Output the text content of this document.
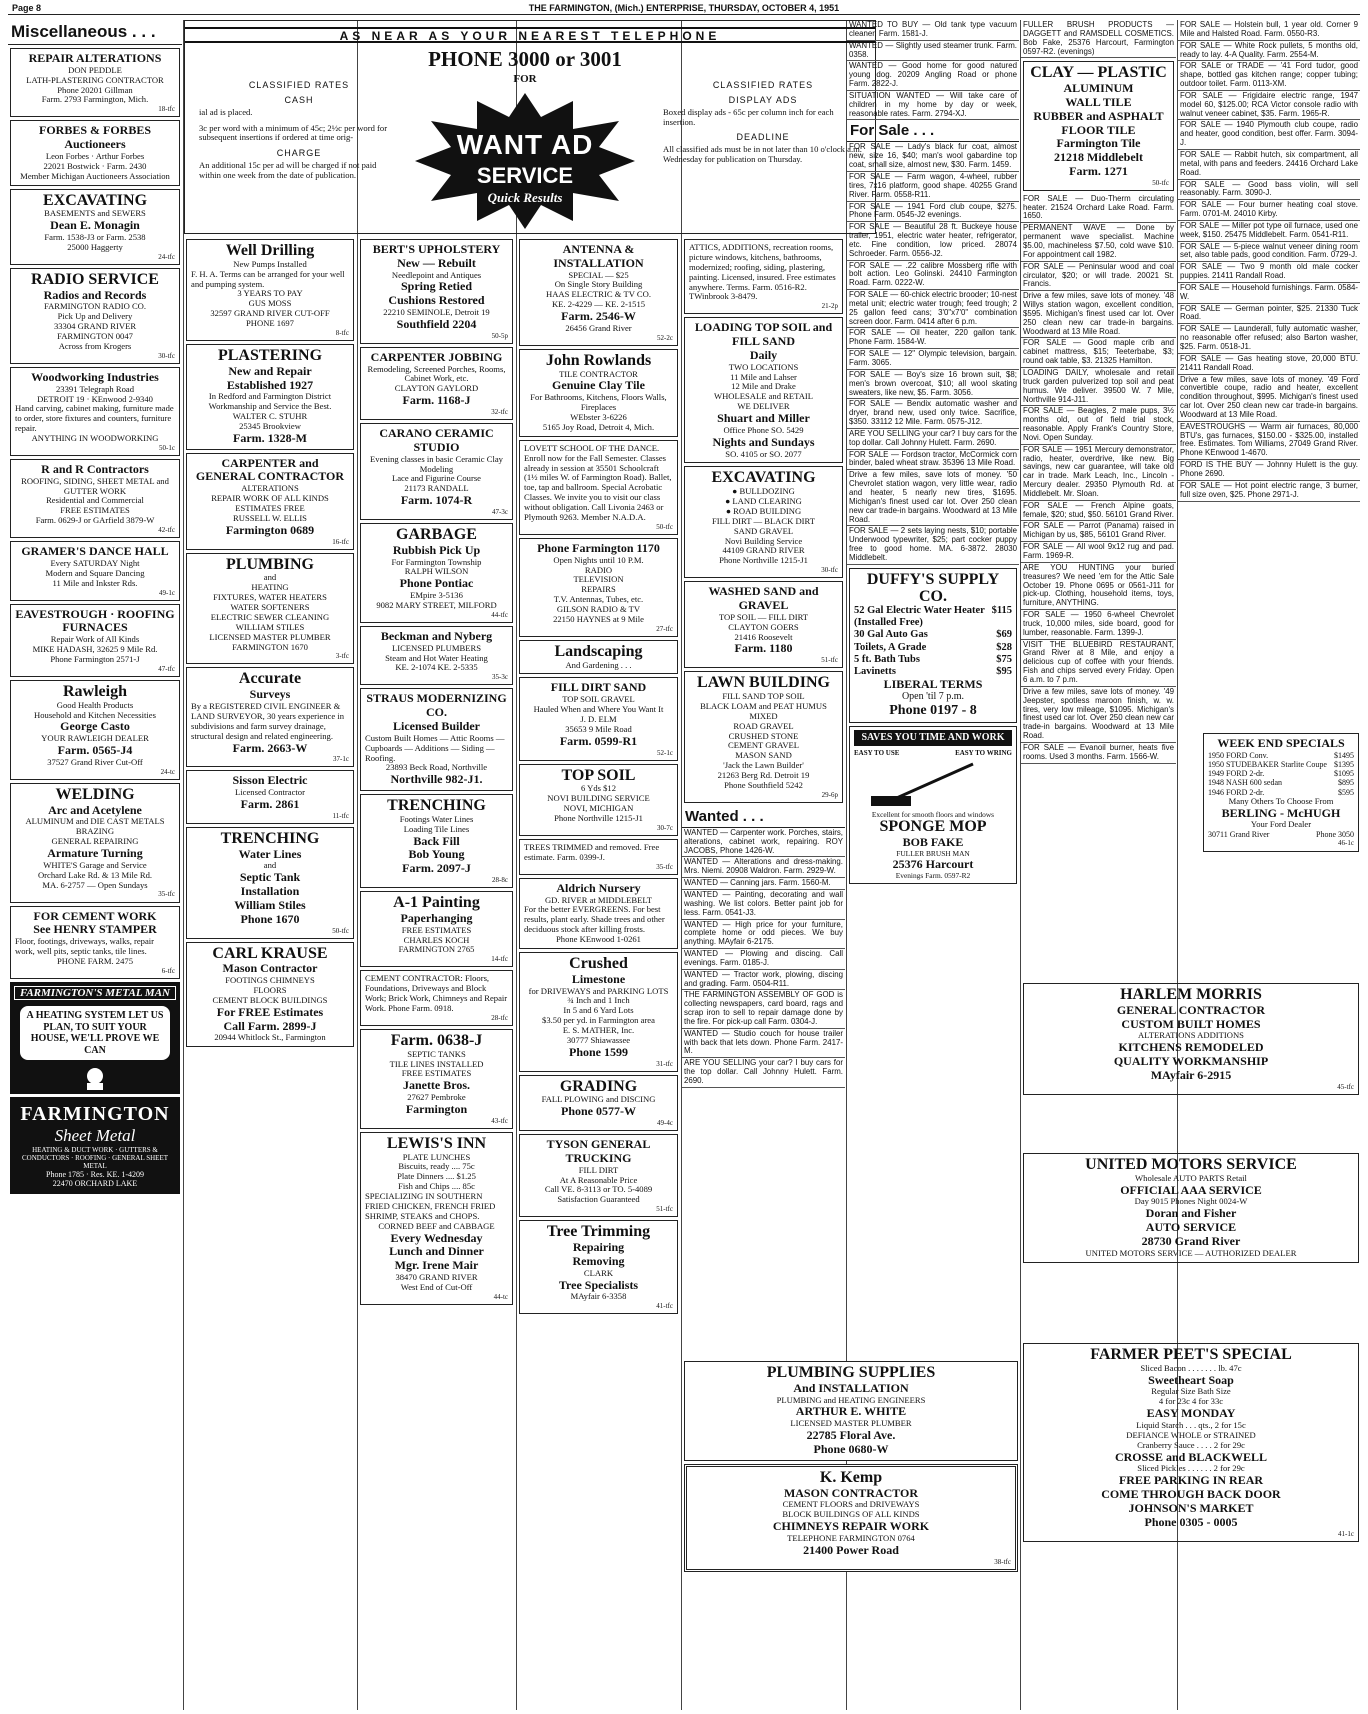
Page 8	THE FARMINGTON, (Mich.) ENTERPRISE, THURSDAY, OCTOBER 4, 1951
AS NEAR AS YOUR NEAREST TELEPHONE
PHONE 3000 or 3001
FOR
CLASSIFIED RATES
CASH
ial ad is placed.
3c per word with a minimum of 45c; 2½c per word for subsequent insertions if ordered at time orig-
CHARGE
An additional 15c per ad will be charged if not paid within one week from the date of publication.
WANT AD
SERVICE
Quick Results
CLASSIFIED RATES
DISPLAY ADS
Boxed display ads - 65c per column inch for each insertion.
DEADLINE
All classified ads must be in not later than 10 o'clock a.m. Wednesday for publication on Thursday.
Miscellaneous . . .
REPAIR ALTERATIONS
DON PEDDLE
LATH-PLASTERING CONTRACTOR
Phone 20201 Gillman
Farm. 2793 Farmington, Mich.
18-tfc
FORBES & FORBES
Auctioneers
Leon Forbes · Arthur Forbes
22021 Bostwick · Farm. 2430
Member Michigan Auctioneers Association
EXCAVATING
BASEMENTS and SEWERS
Dean E. Monagin
Farm. 1538-J3 or Farm. 2538
25000 Haggerty
24-tfc
RADIO SERVICE
Radios and Records
FARMINGTON RADIO CO.
Pick Up and Delivery
33304 GRAND RIVER
FARMINGTON 0047
Across from Krogers
30-tfc
Woodworking Industries
23391 Telegraph Road
DETROIT 19 · KEnwood 2-9340
Hand carving, cabinet making, furniture made to order, store fixtures and counters, furniture repair.
ANYTHING IN WOODWORKING
50-1c
R and R Contractors
ROOFING, SIDING, SHEET METAL and GUTTER WORK
Residential and Commercial
FREE ESTIMATES
Farm. 0629-J or GArfield 3879-W
42-tfc
GRAMER'S DANCE HALL
Every SATURDAY Night
Modern and Square Dancing
11 Mile and Inkster Rds.
49-1c
EAVESTROUGH · ROOFING FURNACES
Repair Work of All Kinds
MIKE HADASH, 32625 9 Mile Rd.
Phone Farmington 2571-J
47-tfc
Rawleigh
Good Health Products
Household and Kitchen Necessities
George Casto
YOUR RAWLEIGH DEALER
Farm. 0565-J4
37527 Grand River Cut-Off
24-tc
WELDING
Arc and Acetylene
ALUMINUM and DIE CAST METALS
BRAZING
GENERAL REPAIRING
Armature Turning
WHITE'S Garage and Service
Orchard Lake Rd. & 13 Mile Rd.
MA. 6-2757 — Open Sundays
35-tfc
FOR CEMENT WORK
See HENRY STAMPER
Floor, footings, driveways, walks, repair work, well pits, septic tanks, tile lines.
PHONE FARM. 2475
6-tfc
FARMINGTON'S METAL MAN
A HEATING SYSTEM LET US PLAN, TO SUIT YOUR HOUSE, WE'LL PROVE WE CAN
FARMINGTON
Sheet Metal
HEATING & DUCT WORK · GUTTERS & CONDUCTORS · ROOFING · GENERAL SHEET METAL
Phone 1785 · Res. KE. 1-4209
22470 ORCHARD LAKE
Well Drilling
New Pumps Installed
F. H. A. Terms can be arranged for your well and pumping system.
3 YEARS TO PAY
GUS MOSS
32597 GRAND RIVER CUT-OFF
PHONE 1697
8-tfc
PLASTERING
New and Repair
Established 1927
In Redford and Farmington District
Workmanship and Service the Best.
WALTER C. STUHR
25345 Brookview
Farm. 1328-M
CARPENTER and GENERAL CONTRACTOR
ALTERATIONS
REPAIR WORK OF ALL KINDS
ESTIMATES FREE
RUSSELL W. ELLIS
Farmington 0689
16-tfc
PLUMBING
and
HEATING
FIXTURES, WATER HEATERS
WATER SOFTENERS
ELECTRIC SEWER CLEANING
WILLIAM STILES
LICENSED MASTER PLUMBER
FARMINGTON 1670
3-tfc
Accurate
Surveys
By a REGISTERED CIVIL ENGINEER & LAND SURVEYOR, 30 years experience in subdivisions and farm survey drainage, structural design and related engineering.
Farm. 2663-W
37-1c
Sisson Electric
Licensed Contractor
Farm. 2861
11-tfc
TRENCHING
Water Lines
and
Septic Tank
Installation
William Stiles
Phone 1670
50-tfc
CARL KRAUSE
Mason Contractor
FOOTINGS CHIMNEYS
FLOORS
CEMENT BLOCK BUILDINGS
For FREE Estimates
Call Farm. 2899-J
20944 Whitlock St., Farmington
BERT'S UPHOLSTERY
New — Rebuilt
Needlepoint and Antiques
Spring Retied
Cushions Restored
22210 SEMINOLE, Detroit 19
Southfield 2204
50-5p
CARPENTER JOBBING
Remodeling, Screened Porches, Rooms, Cabinet Work, etc.
CLAYTON GAYLORD
Farm. 1168-J
32-tfc
CARANO CERAMIC STUDIO
Evening classes in basic Ceramic Clay Modeling
Lace and Figurine Course
21173 RANDALL
Farm. 1074-R
47-3c
GARBAGE
Rubbish Pick Up
For Farmington Township
RALPH WILSON
Phone Pontiac
EMpire 3-5136
9082 MARY STREET, MILFORD
44-tfc
Beckman and Nyberg
LICENSED PLUMBERS
Steam and Hot Water Heating
KE. 2-1074 KE. 2-5335
35-3c
STRAUS MODERNIZING CO.
Licensed Builder
Custom Built Homes — Attic Rooms — Cupboards — Additions — Siding — Roofing.
23893 Beck Road, Northville
Northville 982-J1.
TRENCHING
Footings Water Lines
Loading Tile Lines
Back Fill
Bob Young
Farm. 2097-J
28-8c
A-1 Painting
Paperhanging
FREE ESTIMATES
CHARLES KOCH
FARMINGTON 2765
14-tfc
CEMENT CONTRACTOR: Floors, Foundations, Driveways and Block Work; Brick Work, Chimneys and Repair Work. Phone Farm. 0918.
28-tfc
Farm. 0638-J
SEPTIC TANKS
TILE LINES INSTALLED
FREE ESTIMATES
Janette Bros.
27627 Pembroke
Farmington
43-tfc
LEWIS'S INN
PLATE LUNCHES
Biscuits, ready .... 75c
Plate Dinners .... $1.25
Fish and Chips .... 85c
SPECIALIZING IN SOUTHERN FRIED CHICKEN, FRENCH FRIED SHRIMP, STEAKS and CHOPS.
CORNED BEEF and CABBAGE
Every Wednesday
Lunch and Dinner
Mgr. Irene Mair
38470 GRAND RIVER
West End of Cut-Off
44-tc
ANTENNA & INSTALLATION
SPECIAL — $25
On Single Story Building
HAAS ELECTRIC & TV CO.
KE. 2-4229 — KE. 2-1515
Farm. 2546-W
26456 Grand River
52-2c
John Rowlands
TILE CONTRACTOR
Genuine Clay Tile
For Bathrooms, Kitchens, Floors Walls, Fireplaces
WEbster 3-6226
5165 Joy Road, Detroit 4, Mich.
LOVETT SCHOOL OF THE DANCE. Enroll now for the Fall Semester. Classes already in session at 35501 Schoolcraft (1½ miles W. of Farmington Road). Ballet, toe, tap and ballroom. Special Acrobatic Classes. We invite you to visit our class without obligation. Call Livonia 2463 or Plymouth 9263. Member N.A.D.A.
50-tfc
Phone Farmington 1170
Open Nights until 10 P.M.
RADIO
TELEVISION
REPAIRS
T.V. Antennas, Tubes, etc.
GILSON RADIO & TV
22150 HAYNES at 9 Mile
27-tfc
Landscaping
And Gardening . . .
FILL DIRT SAND
TOP SOIL GRAVEL
Hauled When and Where You Want It
J. D. ELM
35653 9 Mile Road
Farm. 0599-R1
52-1c
TOP SOIL
6 Yds $12
NOVI BUILDING SERVICE
NOVI, MICHIGAN
Phone Northville 1215-J1
30-7c
TREES TRIMMED and removed. Free estimate. Farm. 0399-J.
35-tfc
Aldrich Nursery
GD. RIVER at MIDDLEBELT
For the better EVERGREENS. For best results, plant early. Shade trees and other deciduous stock after killing frosts.
Phone KEnwood 1-0261
Crushed
Limestone
for DRIVEWAYS and PARKING LOTS
¾ Inch and 1 Inch
In 5 and 6 Yard Lots
$3.50 per yd. in Farmington area
E. S. MATHER, Inc.
30777 Shiawassee
Phone 1599
31-tfc
GRADING
FALL PLOWING and DISCING
Phone 0577-W
49-4c
TYSON GENERAL TRUCKING
FILL DIRT
At A Reasonable Price
Call VE. 8-3113 or TO. 5-4089
Satisfaction Guaranteed
51-tfc
Tree Trimming
Repairing
Removing
CLARK
Tree Specialists
MAyfair 6-3358
41-tfc
ATTICS, ADDITIONS, recreation rooms, picture windows, kitchens, bathrooms, modernized; roofing, siding, plastering, painting. Licensed, insured. Free estimates anywhere. Terms. Farm. 0516-R2. TWinbrook 3-8479.
21-2p
LOADING TOP SOIL and FILL SAND
Daily
TWO LOCATIONS
11 Mile and Lahser
12 Mile and Drake
WHOLESALE and RETAIL
WE DELIVER
Shuart and Miller
Office Phone SO. 5429
Nights and Sundays
SO. 4105 or SO. 2077
EXCAVATING
● BULLDOZING
● LAND CLEARING
● ROAD BUILDING
FILL DIRT — BLACK DIRT
SAND GRAVEL
Novi Building Service
44109 GRAND RIVER
Phone Northville 1215-J1
30-tfc
WASHED SAND and GRAVEL
TOP SOIL — FILL DIRT
CLAYTON GOERS
21416 Roosevelt
Farm. 1180
51-tfc
LAWN BUILDING
FILL SAND TOP SOIL
BLACK LOAM and PEAT HUMUS MIXED
ROAD GRAVEL
CRUSHED STONE
CEMENT GRAVEL
MASON SAND
'Jack the Lawn Builder'
21263 Berg Rd. Detroit 19
Phone Southfield 5242
29-6p
Wanted . . .
WANTED — Carpenter work. Porches, stairs, alterations, cabinet work, repairing. ROY JACOBS, Phone 1426-W.
WANTED — Alterations and dress-making. Mrs. Niemi. 20908 Waldron. Farm. 2929-W.
WANTED — Canning jars. Farm. 1560-M.
WANTED — Painting, decorating and wall washing. We list colors. Better paint job for less. Farm. 0541-J3.
WANTED — High price for your furniture, complete home or odd pieces. We buy anything. MAyfair 6-2175.
WANTED — Plowing and discing. Call evenings. Farm. 0185-J.
WANTED — Tractor work, plowing, discing and grading. Farm. 0504-R11.
THE FARMINGTON ASSEMBLY OF GOD is collecting newspapers, card board, rags and scrap iron to sell to repair damage done by the fire. For pick-up call Farm. 0304-J.
WANTED — Studio couch for house trailer with back that lets down. Phone Farm. 2417-M.
ARE YOU SELLING your car? I buy cars for the top dollar. Call Johnny Hulett. Farm. 2690.
PLUMBING SUPPLIES
And INSTALLATION
PLUMBING and HEATING ENGINEERS
ARTHUR E. WHITE
LICENSED MASTER PLUMBER
22785 Floral Ave.
Phone 0680-W
K. Kemp
MASON CONTRACTOR
CEMENT FLOORS and DRIVEWAYS
BLOCK BUILDINGS OF ALL KINDS
CHIMNEYS REPAIR WORK
TELEPHONE FARMINGTON 0764
21400 Power Road
38-tfc
WANTED TO BUY — Old tank type vacuum cleaner. Farm. 1581-J.
WANTED — Slightly used steamer trunk. Farm. 0358.
WANTED — Good home for good natured young dog. 20209 Angling Road or phone Farm. 2822-J.
SITUATION WANTED — Will take care of children in my home by day or week, reasonable rates. Farm. 2794-XJ.
For Sale . . .
FOR SALE — Lady's black fur coat, almost new, size 16, $40; man's wool gabardine top coat, small size, almost new, $30. Farm. 1459.
FOR SALE — Farm wagon, 4-wheel, rubber tires, 7x16 platform, good shape. 40255 Grand River. Farm. 0558-R11.
FOR SALE — 1941 Ford club coupe, $275. Phone Farm. 0545-J2 evenings.
FOR SALE — Beautiful 28 ft. Buckeye house trailer, 1951, electric water heater, refrigerator, etc. Fine condition, low priced. 28074 Schroeder. Farm. 0556-J2.
FOR SALE — .22 calibre Mossberg rifle with bolt action. Leo Golinski. 24410 Farmington Road. Farm. 0222-W.
FOR SALE — 60-chick electric brooder; 10-nest metal unit; electric water trough; feed trough; 2 25 gallon feed cans; 3'0"x7'0" combination screen door. Farm. 0414 after 6 p.m.
FOR SALE — Oil heater, 220 gallon tank. Phone Farm. 1584-W.
FOR SALE — 12" Olympic television, bargain. Farm. 3065.
FOR SALE — Boy's size 16 brown suit, $8; men's brown overcoat, $10; all wool skating sweaters, like new, $5. Farm. 3056.
FOR SALE — Bendix automatic washer and dryer, brand new, used only twice. Sacrifice, $350. 33112 12 Mile. Farm. 0575-J12.
ARE YOU SELLING your car? I buy cars for the top dollar. Call Johnny Hulett. Farm. 2690.
FOR SALE — Fordson tractor, McCormick corn binder, baled wheat straw. 35396 13 Mile Road.
Drive a few miles, save lots of money. '50 Chevrolet station wagon, very little wear, radio and heater, 5 nearly new tires, $1695. Michigan's finest used car lot. Over 250 clean new car trade-in bargains. Woodward at 13 Mile Road.
FOR SALE — 2 sets laying nests, $10; portable Underwood typewriter, $25; part cocker puppy free to good home. MA. 6-3872. 28030 Middlebelt.
DUFFY'S SUPPLY CO.
52 Gal Electric Water Heater (Installed Free)
$115
30 Gal Auto Gas	$69
Toilets, A Grade	$28
5 ft. Bath Tubs	$75
Lavinetts	$95
LIBERAL TERMS
Open 'til 7 p.m.
Phone 0197 - 8
SAVES YOU TIME AND WORK
EASY TO USE	EASY TO WRING
Excellent for smooth floors and windows
SPONGE MOP
BOB FAKE
FULLER BRUSH MAN
25376 Harcourt
Evenings Farm. 0597-R2
FULLER BRUSH PRODUCTS — DAGGETT and RAMSDELL COSMETICS. Bob Fake, 25376 Harcourt, Farmington 0597-R2. (evenings)
CLAY — PLASTIC
ALUMINUM
WALL TILE
RUBBER and ASPHALT
FLOOR TILE
Farmington Tile
21218 Middlebelt
Farm. 1271
50-tfc
FOR SALE — Duo-Therm circulating heater. 21524 Orchard Lake Road. Farm. 1650.
PERMANENT WAVE — Done by permanent wave specialist. Machine $5.00, machineless $7.50, cold wave $10. For appointment call 1982.
FOR SALE — Peninsular wood and coal circulator, $20; or will trade. 20021 St. Francis.
Drive a few miles, save lots of money. '48 Willys station wagon, excellent condition, $595. Michigan's finest used car lot. Over 250 clean new car trade-in bargains. Woodward at 13 Mile Road.
FOR SALE — Good maple crib and cabinet mattress, $15; Teeterbabe, $3; round oak table, $3. 21325 Hamilton.
LOADING DAILY, wholesale and retail truck garden pulverized top soil and peat humus. We deliver. 39500 W. 7 Mile, Northville 914-J11.
FOR SALE — Beagles, 2 male pups, 3½ months old, out of field trial stock, reasonable. Apply Frank's Country Store, Novi. Open Sunday.
FOR SALE — 1951 Mercury demonstrator, radio, heater, overdrive, like new. Big savings, new car guarantee, will take old car in trade. Mark Leach, Inc., Lincoln - Mercury dealer. 29350 Plymouth Rd. at Middlebelt. Mr. Sloan.
FOR SALE — French Alpine goats, female, $20; stud, $50. 56101 Grand River.
FOR SALE — Parrot (Panama) raised in Michigan by us, $85, 56101 Grand River.
FOR SALE — All wool 9x12 rug and pad. Farm. 1969-R.
ARE YOU HUNTING your buried treasures? We need 'em for the Attic Sale October 19. Phone 0695 or 0561-J11 for pick-up. Clothing, household items, toys, furniture, ANYTHING.
FOR SALE — 1950 6-wheel Chevrolet truck, 10,000 miles, side board, good for lumber, reasonable. Farm. 1399-J.
VISIT THE BLUEBIRD RESTAURANT, Grand River at 8 Mile, and enjoy a delicious cup of coffee with your friends. Fish and chips served every Friday. Open 6 a.m. to 7 p.m.
Drive a few miles, save lots of money. '49 Jeepster, spotless maroon finish, w. w. tires, very low mileage, $1095. Michigan's finest used car lot. Over 250 clean new car trade-in bargains. Woodward at 13 Mile Road.
FOR SALE — Evanoil burner, heats five rooms. Used 3 months. Farm. 1566-W.
FOR SALE — Holstein bull, 1 year old. Corner 9 Mile and Halsted Road. Farm. 0550-R3.
FOR SALE — White Rock pullets, 5 months old, ready to lay. 4-A Quality. Farm. 2554-M.
FOR SALE or TRADE — '41 Ford tudor, good shape, bottled gas kitchen range; copper tubing; outdoor toilet. Farm. 0113-XM.
FOR SALE — Frigidaire electric range, 1947 model 60, $125.00; RCA Victor console radio with walnut veneer cabinet, $35. Farm. 1965-R.
FOR SALE — 1940 Plymouth club coupe, radio and heater, good condition, best offer. Farm. 3094-J.
FOR SALE — Rabbit hutch, six compartment, all metal, with pans and feeders. 24416 Orchard Lake Road.
FOR SALE — Good bass violin, will sell reasonably. Farm. 3090-J.
FOR SALE — Four burner heating coal stove. Farm. 0701-M. 24010 Kirby.
FOR SALE — Miller pot type oil furnace, used one week, $150. 25475 Middlebelt. Farm. 0541-R11.
FOR SALE — 5-piece walnut veneer dining room set, also table pads, good condition. Farm. 0729-J.
FOR SALE — Two 9 month old male cocker puppies. 21411 Randall Road.
FOR SALE — Household furnishings. Farm. 0584-W.
FOR SALE — German pointer, $25. 21330 Tuck Road.
FOR SALE — Launderall, fully automatic washer, no reasonable offer refused; also Barton washer, $25. Farm. 0518-J1.
FOR SALE — Gas heating stove, 20,000 BTU. 21411 Randall Road.
Drive a few miles, save lots of money. '49 Ford convertible coupe, radio and heater, excellent condition throughout, $995. Michigan's finest used car lot. Over 250 clean new car trade-in bargains. Woodward at 13 Mile Road.
EAVESTROUGHS — Warm air furnaces, 80,000 BTU's, gas furnaces, $150.00 - $325.00, installed free. Estimates. Tom Williams, 27049 Grand River. Phone KEnwood 1-4670.
FORD IS THE BUY — Johnny Hulett is the guy. Phone 2690.
FOR SALE — Hot point electric range, 3 burner, full size oven, $25. Phone 2971-J.
WEEK END SPECIALS
1950 FORD Conv.	$1495
1950 STUDEBAKER Starlite Coupe $1395
1949 FORD 2-dr.	$1095
1948 NASH 600 sedan	$895
1946 FORD 2-dr.	$595
Many Others To Choose From
BERLING - McHUGH
Your Ford Dealer
30711 Grand River	Phone 3050
46-1c
HARLEM MORRIS
GENERAL CONTRACTOR
CUSTOM BUILT HOMES
ALTERATIONS ADDITIONS
KITCHENS REMODELED
QUALITY WORKMANSHIP
MAyfair 6-2915
45-tfc
UNITED MOTORS SERVICE
Wholesale AUTO PARTS Retail
OFFICIAL AAA SERVICE
Day 9015 Phones Night 0024-W
Doran and Fisher
AUTO SERVICE
28730 Grand River
UNITED MOTORS SERVICE — AUTHORIZED DEALER
FARMER PEET'S SPECIAL
Sliced Bacon . . . . . . . lb. 47c
Sweetheart Soap
Regular Size Bath Size
4 for 23c 4 for 33c
EASY MONDAY
Liquid Starch . . . qts., 2 for 15c
DEFIANCE WHOLE or STRAINED
Cranberry Sauce . . . . 2 for 29c
CROSSE and BLACKWELL
Sliced Pickles . . . . . . 2 for 29c
FREE PARKING IN REAR
COME THROUGH BACK DOOR
JOHNSON'S MARKET
Phone 0305 - 0005
41-1c
